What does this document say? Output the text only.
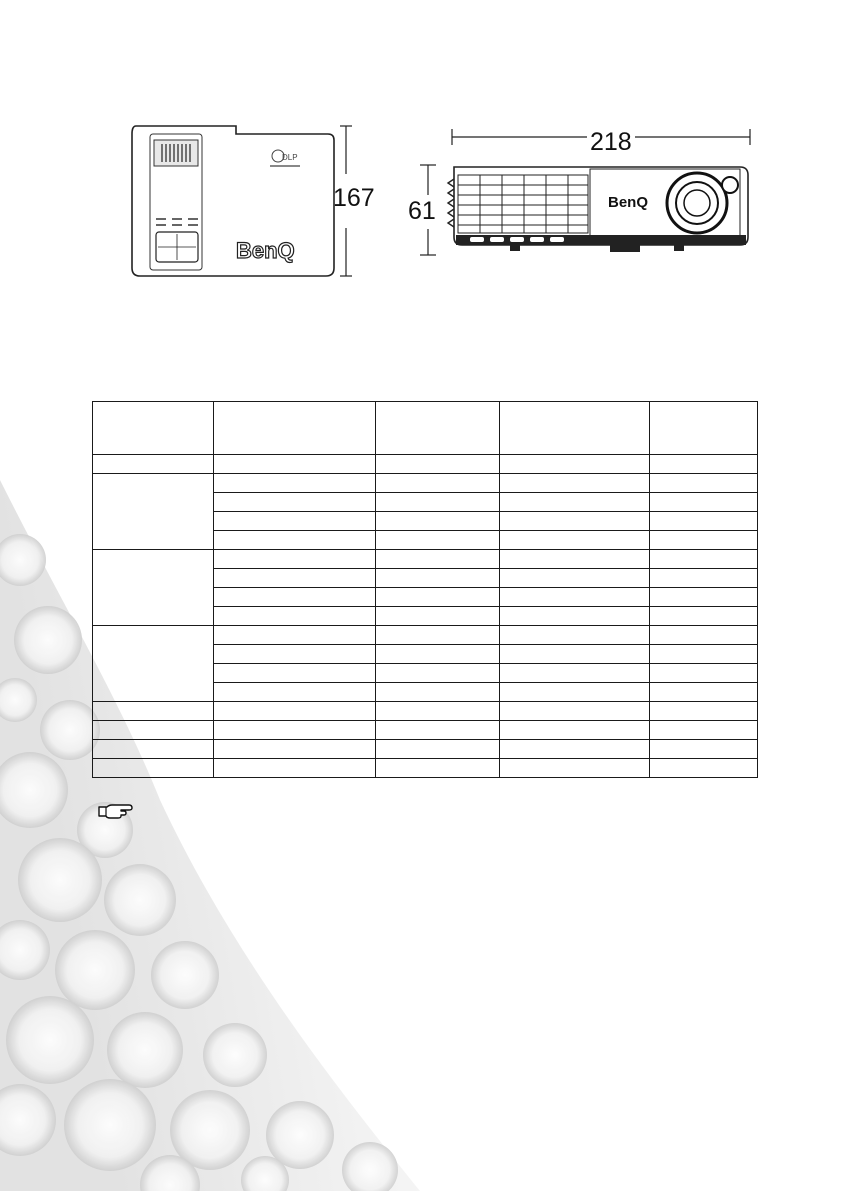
DLP
BenQ
167	BenQ
61
218
